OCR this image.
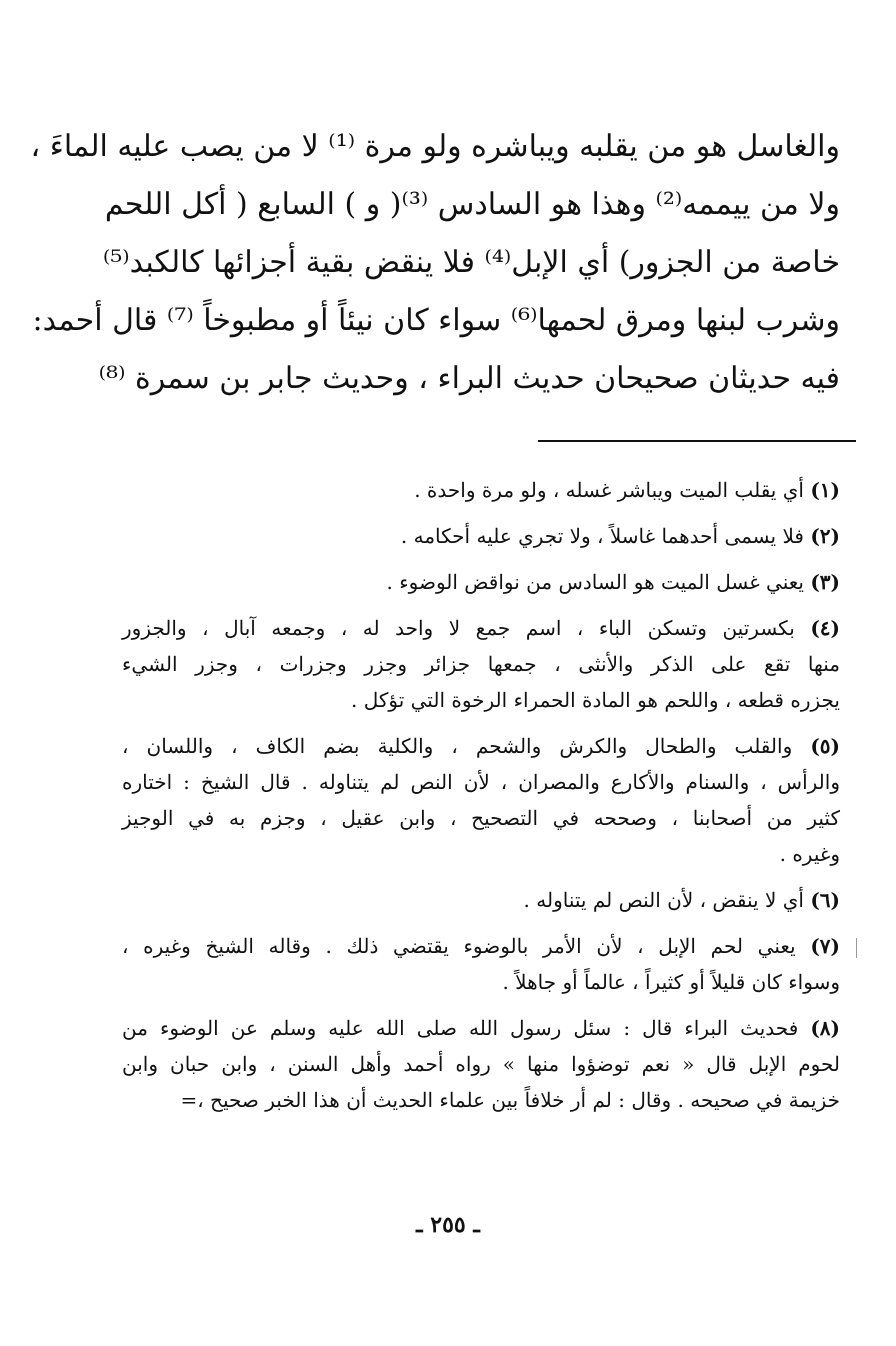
والغاسل هو من يقلبه ويباشره ولو مرة ⁽¹⁾ لا من يصب عليه الماءَ ،
ولا من ييممه⁽²⁾ وهذا هو السادس ⁽³⁾( و ) السابع ( أكل اللحم
خاصة من الجزور) أي الإبل⁽⁴⁾ فلا ينقض بقية أجزائها كالكبد⁽⁵⁾
وشرب لبنها ومرق لحمها⁽⁶⁾ سواء كان نيئاً أو مطبوخاً ⁽⁷⁾ قال أحمد:
فيه حديثان صحيحان حديث البراء ، وحديث جابر بن سمرة ⁽⁸⁾
(١) أي يقلب الميت ويباشر غسله ، ولو مرة واحدة .
(٢) فلا يسمى أحدهما غاسلاً ، ولا تجري عليه أحكامه .
(٣) يعني غسل الميت هو السادس من نواقض الوضوء .
(٤) بكسرتين وتسكن الباء ، اسم جمع لا واحد له ، وجمعه آبال ، والجزور
منها تقع على الذكر والأنثى ، جمعها جزائر وجزر وجزرات ، وجزر الشيء
يجزره قطعه ، واللحم هو المادة الحمراء الرخوة التي تؤكل .
(٥) والقلب والطحال والكرش والشحم ، والكلية بضم الكاف ، واللسان ،
والرأس ، والسنام والأكارع والمصران ، لأن النص لم يتناوله . قال الشيخ : اختاره
كثير من أصحابنا ، وصححه في التصحيح ، وابن عقيل ، وجزم به في الوجيز
وغيره .
(٦) أي لا ينقض ، لأن النص لم يتناوله .
(٧) يعني لحم الإبل ، لأن الأمر بالوضوء يقتضي ذلك . وقاله الشيخ وغيره ،
وسواء كان قليلاً أو كثيراً ، عالماً أو جاهلاً .
(٨) فحديث البراء قال : سئل رسول الله صلى الله عليه وسلم عن الوضوء من
لحوم الإبل قال « نعم توضؤوا منها » رواه أحمد وأهل السنن ، وابن حبان وابن
خزيمة في صحيحه . وقال : لم أر خلافاً بين علماء الحديث أن هذا الخبر صحيح ،=
ـ ٢٥٥ ـ
